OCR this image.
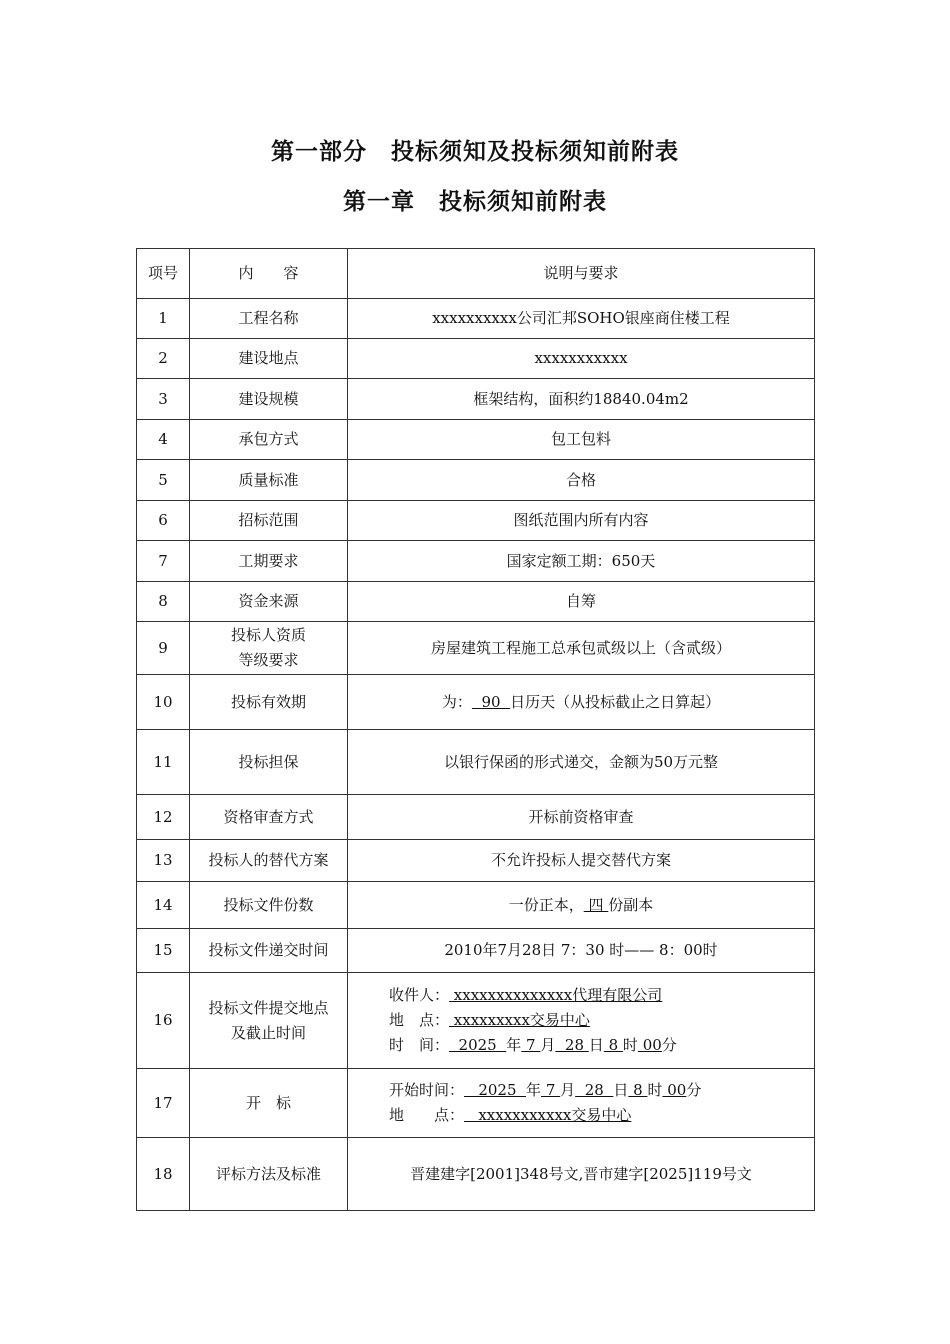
第一部分　投标须知及投标须知前附表
第一章　投标须知前附表
项号	内　　容	说明与要求
1	工程名称	xxxxxxxxxx公司汇邦SOHO银座商住楼工程
2	建设地点	xxxxxxxxxxx
3	建设规模	框架结构，面积约18840.04m2
4	承包方式	包工包料
5	质量标准	合格
6	招标范围	图纸范围内所有内容
7	工期要求	国家定额工期：650天
8	资金来源	自筹
9	投标人资质
等级要求	房屋建筑工程施工总承包贰级以上（含贰级）
10	投标有效期	为：  90  日历天（从投标截止之日算起）
11	投标担保	以银行保函的形式递交，金额为50万元整
12	资格审查方式	开标前资格审查
13	投标人的替代方案	不允许投标人提交替代方案
14	投标文件份数	一份正本， 四 份副本
15	投标文件递交时间	2010年7月28日 7：30 时—— 8：00时
16	投标文件提交地点
及截止时间	收件人： xxxxxxxxxxxxxx代理有限公司
地　点： xxxxxxxxx交易中心
时　间：  2025  年 7 月  28 日 8 时 00分

17	开　标	开始时间：   2025  年 7 月  28  日 8 时 00分
地　　点：   xxxxxxxxxxx交易中心

18	评标方法及标准	晋建建字[2001]348号文,晋市建字[2025]119号文
